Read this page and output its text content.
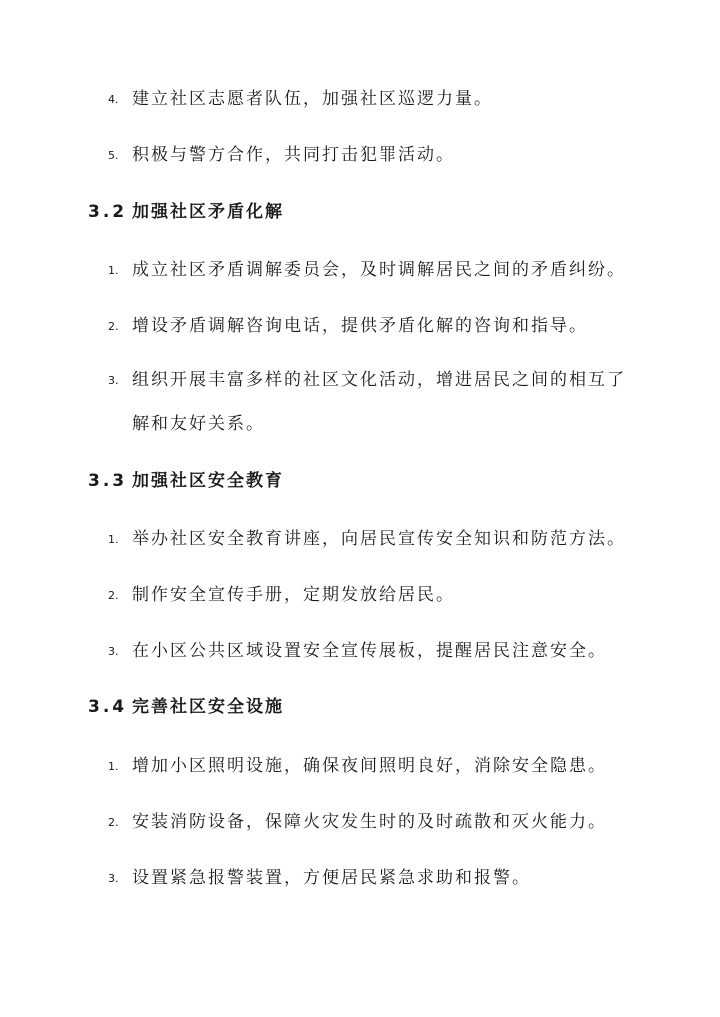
4. 建立社区志愿者队伍，加强社区巡逻力量。
5. 积极与警方合作，共同打击犯罪活动。
3.2 加强社区矛盾化解
1. 成立社区矛盾调解委员会，及时调解居民之间的矛盾纠纷。
2. 增设矛盾调解咨询电话，提供矛盾化解的咨询和指导。
3. 组织开展丰富多样的社区文化活动，增进居民之间的相互了
解和友好关系。
3.3 加强社区安全教育
1. 举办社区安全教育讲座，向居民宣传安全知识和防范方法。
2. 制作安全宣传手册，定期发放给居民。
3. 在小区公共区域设置安全宣传展板，提醒居民注意安全。
3.4 完善社区安全设施
1. 增加小区照明设施，确保夜间照明良好，消除安全隐患。
2. 安装消防设备，保障火灾发生时的及时疏散和灭火能力。
3. 设置紧急报警装置，方便居民紧急求助和报警。
